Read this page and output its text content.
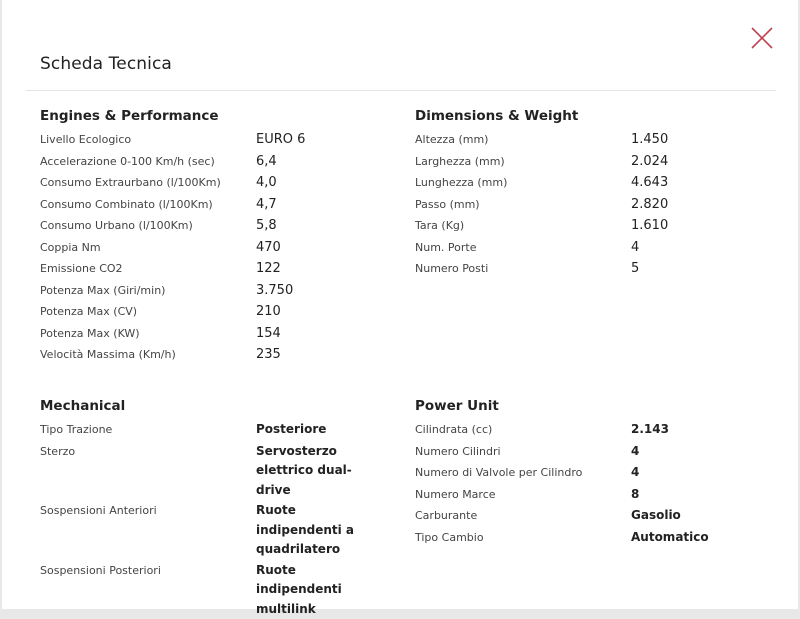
Scheda Tecnica
Engines & Performance
Livello Ecologico	EURO 6
Accelerazione 0-100 Km/h (sec)	6,4
Consumo Extraurbano (l/100Km)	4,0
Consumo Combinato (l/100Km)	4,7
Consumo Urbano (l/100Km)	5,8
Coppia Nm	470
Emissione CO2	122
Potenza Max (Giri/min)	3.750
Potenza Max (CV)	210
Potenza Max (KW)	154
Velocità Massima (Km/h)	235
Dimensions & Weight
Altezza (mm)	1.450
Larghezza (mm)	2.024
Lunghezza (mm)	4.643
Passo (mm)	2.820
Tara (Kg)	1.610
Num. Porte	4
Numero Posti	5
Mechanical
Tipo Trazione	Posteriore
Sterzo	Servosterzo elettrico dual-drive
Sospensioni Anteriori	Ruote indipendenti a quadrilatero
Sospensioni Posteriori	Ruote indipendenti multilink
Power Unit
Cilindrata (cc)	2.143
Numero Cilindri	4
Numero di Valvole per Cilindro	4
Numero Marce	8
Carburante	Gasolio
Tipo Cambio	Automatico
